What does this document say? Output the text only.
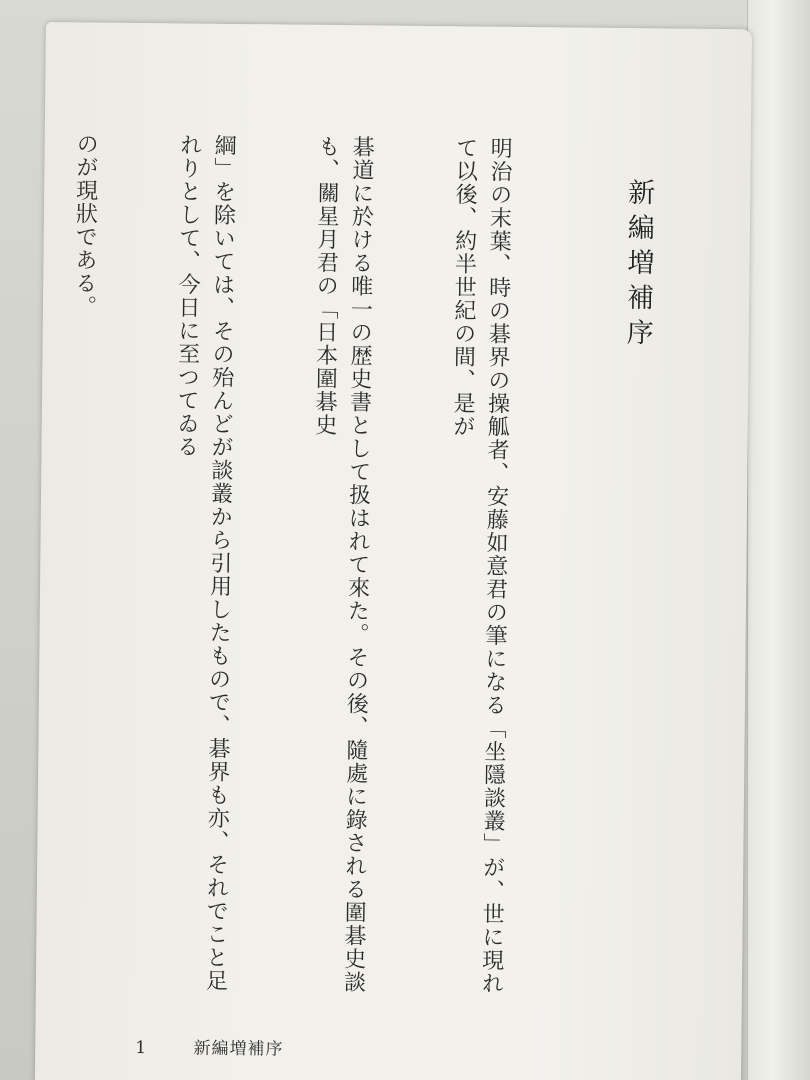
新編増補序

明治の末葉、時の碁界の操觚者、安藤如意君の筆になる「坐隱談叢」が、世に現れて以後、約半世紀の間、是が

碁道に於ける唯一の歴史書として扱はれて來た。その後、隨處に錄される圍碁史談も、關星月君の「日本圍碁史

綱」を除いては、その殆んどが談叢から引用したもので、碁界も亦、それでこと足れりとして、今日に至つてゐる

のが現狀である。

1	新編増補序
